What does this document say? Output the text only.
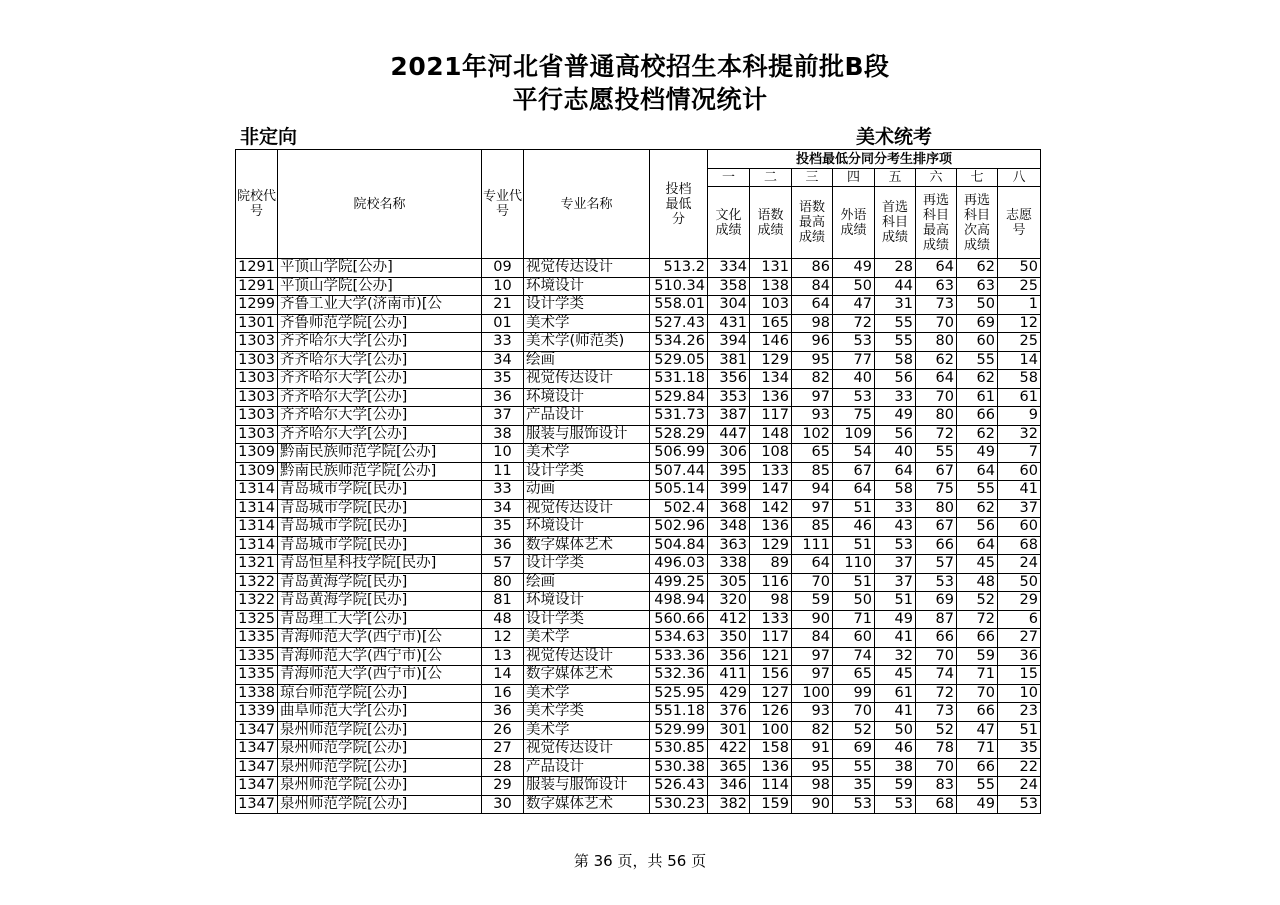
2021年河北省普通高校招生本科提前批B段
平行志愿投档情况统计
非定向	美术统考
院校代号	院校名称	专业代号	专业名称	投档最低分	投档最低分同分考生排序项							
					一	二	三	四	五	六	七	八
					文化成绩	语数成绩	语数最高成绩	外语成绩	首选科目成绩	再选科目最高成绩	再选科目次高成绩	志愿号
1291	平顶山学院[公办]	09	视觉传达设计	513.2	334	131	86	49	28	64	62	50
1291	平顶山学院[公办]	10	环境设计	510.34	358	138	84	50	44	63	63	25
1299	齐鲁工业大学(济南市)[公	21	设计学类	558.01	304	103	64	47	31	73	50	1
1301	齐鲁师范学院[公办]	01	美术学	527.43	431	165	98	72	55	70	69	12
1303	齐齐哈尔大学[公办]	33	美术学(师范类)	534.26	394	146	96	53	55	80	60	25
1303	齐齐哈尔大学[公办]	34	绘画	529.05	381	129	95	77	58	62	55	14
1303	齐齐哈尔大学[公办]	35	视觉传达设计	531.18	356	134	82	40	56	64	62	58
1303	齐齐哈尔大学[公办]	36	环境设计	529.84	353	136	97	53	33	70	61	61
1303	齐齐哈尔大学[公办]	37	产品设计	531.73	387	117	93	75	49	80	66	9
1303	齐齐哈尔大学[公办]	38	服装与服饰设计	528.29	447	148	102	109	56	72	62	32
1309	黔南民族师范学院[公办]	10	美术学	506.99	306	108	65	54	40	55	49	7
1309	黔南民族师范学院[公办]	11	设计学类	507.44	395	133	85	67	64	67	64	60
1314	青岛城市学院[民办]	33	动画	505.14	399	147	94	64	58	75	55	41
1314	青岛城市学院[民办]	34	视觉传达设计	502.4	368	142	97	51	33	80	62	37
1314	青岛城市学院[民办]	35	环境设计	502.96	348	136	85	46	43	67	56	60
1314	青岛城市学院[民办]	36	数字媒体艺术	504.84	363	129	111	51	53	66	64	68
1321	青岛恒星科技学院[民办]	57	设计学类	496.03	338	89	64	110	37	57	45	24
1322	青岛黄海学院[民办]	80	绘画	499.25	305	116	70	51	37	53	48	50
1322	青岛黄海学院[民办]	81	环境设计	498.94	320	98	59	50	51	69	52	29
1325	青岛理工大学[公办]	48	设计学类	560.66	412	133	90	71	49	87	72	6
1335	青海师范大学(西宁市)[公	12	美术学	534.63	350	117	84	60	41	66	66	27
1335	青海师范大学(西宁市)[公	13	视觉传达设计	533.36	356	121	97	74	32	70	59	36
1335	青海师范大学(西宁市)[公	14	数字媒体艺术	532.36	411	156	97	65	45	74	71	15
1338	琼台师范学院[公办]	16	美术学	525.95	429	127	100	99	61	72	70	10
1339	曲阜师范大学[公办]	36	美术学类	551.18	376	126	93	70	41	73	66	23
1347	泉州师范学院[公办]	26	美术学	529.99	301	100	82	52	50	52	47	51
1347	泉州师范学院[公办]	27	视觉传达设计	530.85	422	158	91	69	46	78	71	35
1347	泉州师范学院[公办]	28	产品设计	530.38	365	136	95	55	38	70	66	22
1347	泉州师范学院[公办]	29	服装与服饰设计	526.43	346	114	98	35	59	83	55	24
1347	泉州师范学院[公办]	30	数字媒体艺术	530.23	382	159	90	53	53	68	49	53
第 36 页，共 56 页
